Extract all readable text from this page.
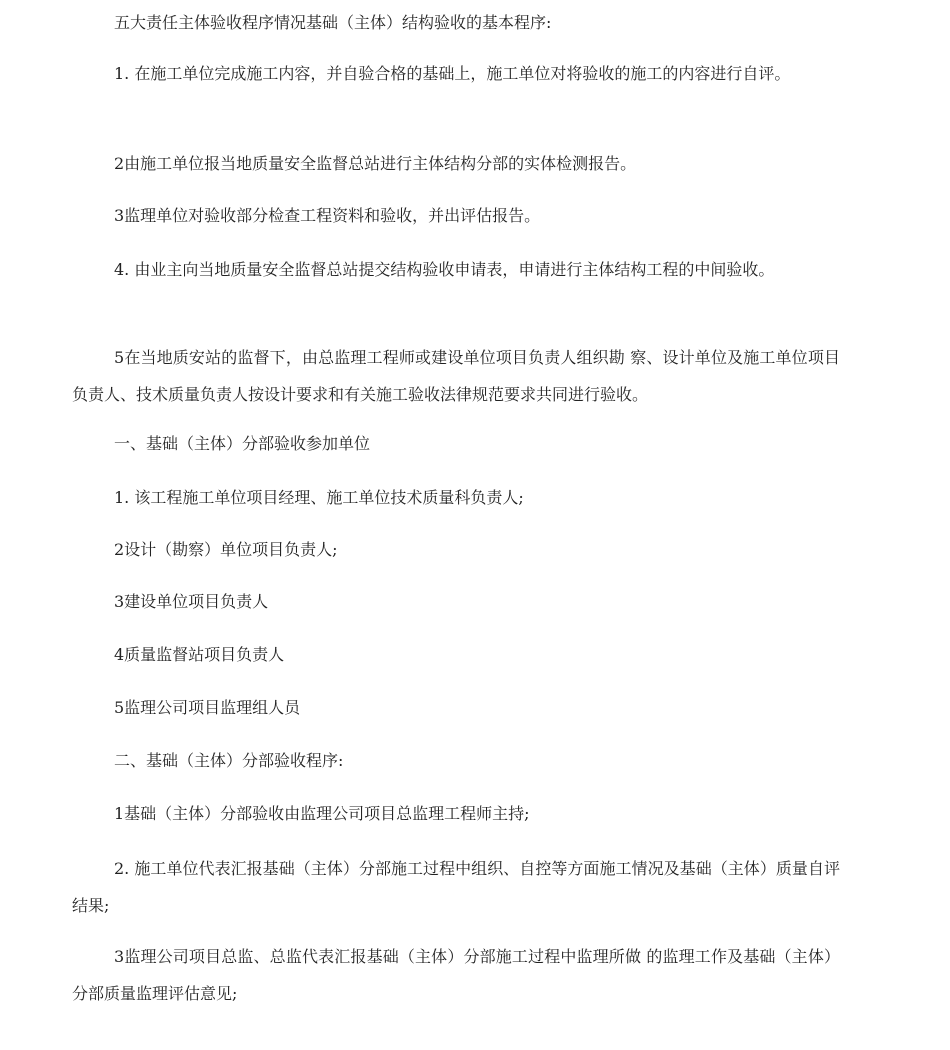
五大责任主体验收程序情况基础（主体）结构验收的基本程序:

1. 在施工单位完成施工内容，并自验合格的基础上，施工单位对将验收的施工的内容进行自评。

2由施工单位报当地质量安全监督总站进行主体结构分部的实体检测报告。

3监理单位对验收部分检查工程资料和验收，并出评估报告。

4. 由业主向当地质量安全监督总站提交结构验收申请表，申请进行主体结构工程的中间验收。

5在当地质安站的监督下，由总监理工程师或建设单位项目负责人组织勘 察、设计单位及施工单位项目负责人、技术质量负责人按设计要求和有关施工验收法律规范要求共同进行验收。

一、基础（主体）分部验收参加单位

1. 该工程施工单位项目经理、施工单位技术质量科负责人;

2设计（勘察）单位项目负责人;

3建设单位项目负责人

4质量监督站项目负责人

5监理公司项目监理组人员

二、基础（主体）分部验收程序:

1基础（主体）分部验收由监理公司项目总监理工程师主持;

2. 施工单位代表汇报基础（主体）分部施工过程中组织、自控等方面施工情况及基础（主体）质量自评结果;

3监理公司项目总监、总监代表汇报基础（主体）分部施工过程中监理所做 的监理工作及基础（主体）分部质量监理评估意见;
